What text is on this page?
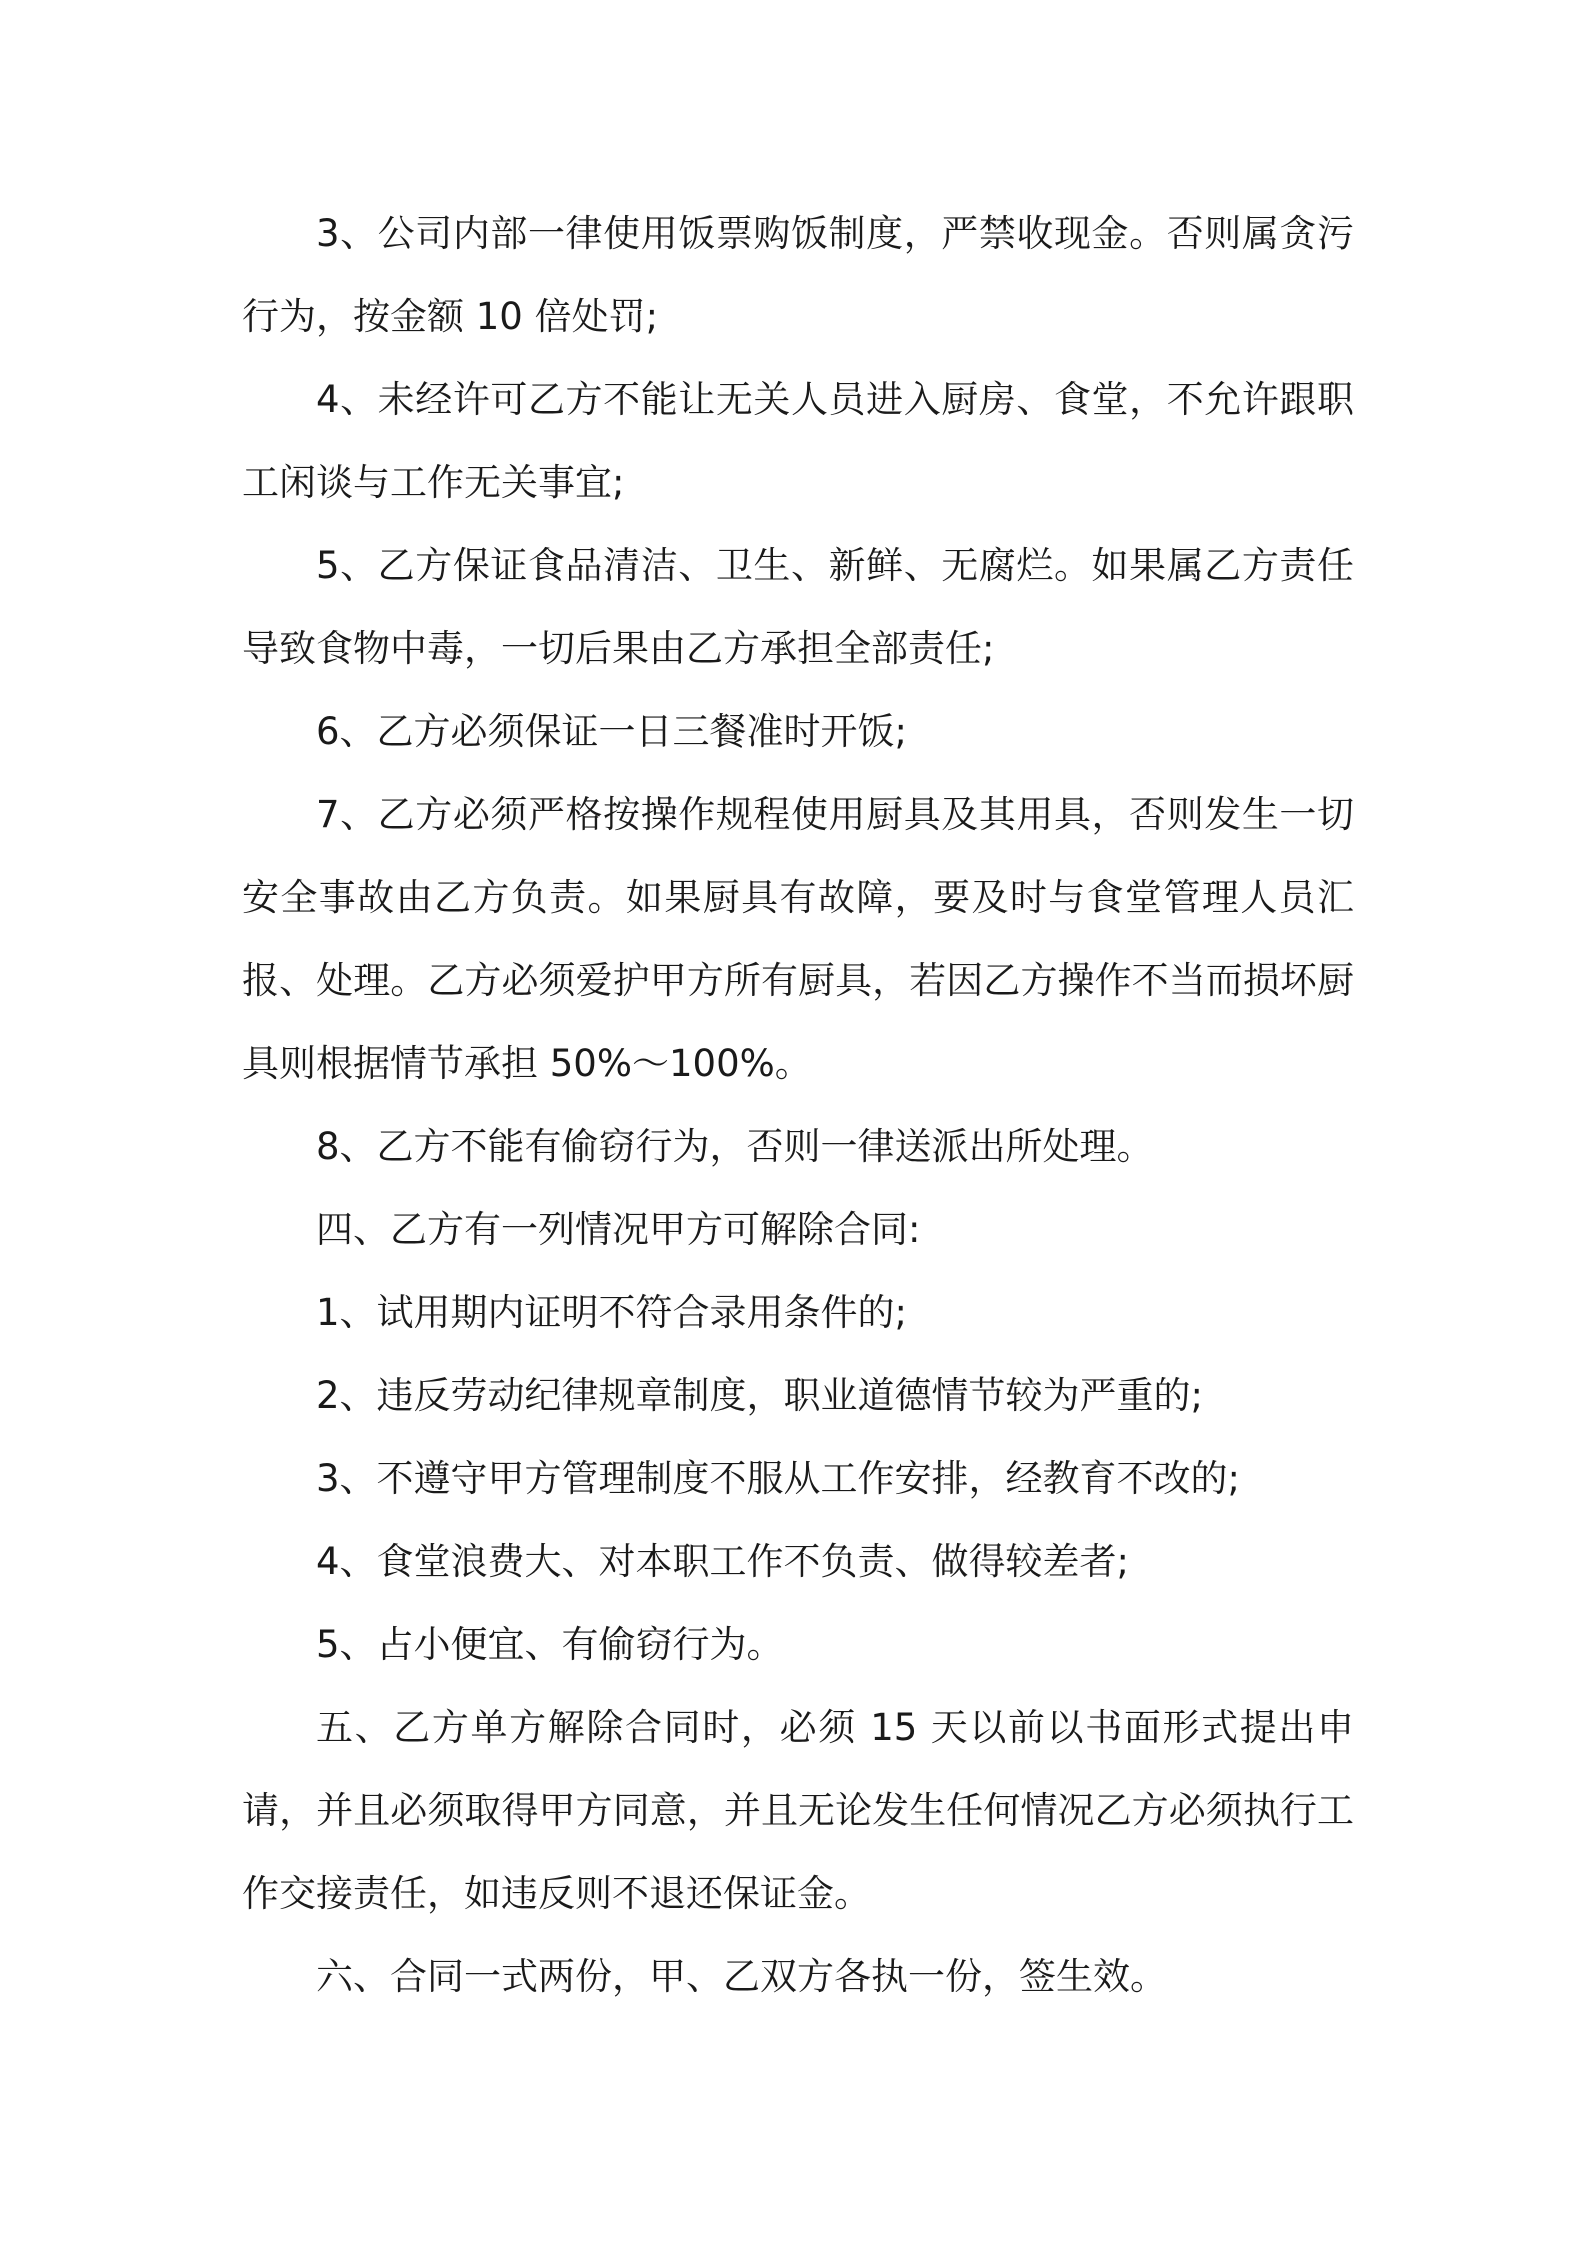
3、公司内部一律使用饭票购饭制度，严禁收现金。否则属贪污行为，按金额 10 倍处罚;

4、未经许可乙方不能让无关人员进入厨房、食堂，不允许跟职工闲谈与工作无关事宜;

5、乙方保证食品清洁、卫生、新鲜、无腐烂。如果属乙方责任导致食物中毒，一切后果由乙方承担全部责任;

6、乙方必须保证一日三餐准时开饭;

7、乙方必须严格按操作规程使用厨具及其用具，否则发生一切安全事故由乙方负责。如果厨具有故障，要及时与食堂管理人员汇报、处理。乙方必须爱护甲方所有厨具，若因乙方操作不当而损坏厨具则根据情节承担 50%～100%。

8、乙方不能有偷窃行为，否则一律送派出所处理。

四、乙方有一列情况甲方可解除合同:

1、试用期内证明不符合录用条件的;

2、违反劳动纪律规章制度，职业道德情节较为严重的;

3、不遵守甲方管理制度不服从工作安排，经教育不改的;

4、食堂浪费大、对本职工作不负责、做得较差者;

5、占小便宜、有偷窃行为。

五、乙方单方解除合同时，必须 15 天以前以书面形式提出申请，并且必须取得甲方同意，并且无论发生任何情况乙方必须执行工作交接责任，如违反则不退还保证金。

六、合同一式两份，甲、乙双方各执一份，签生效。
